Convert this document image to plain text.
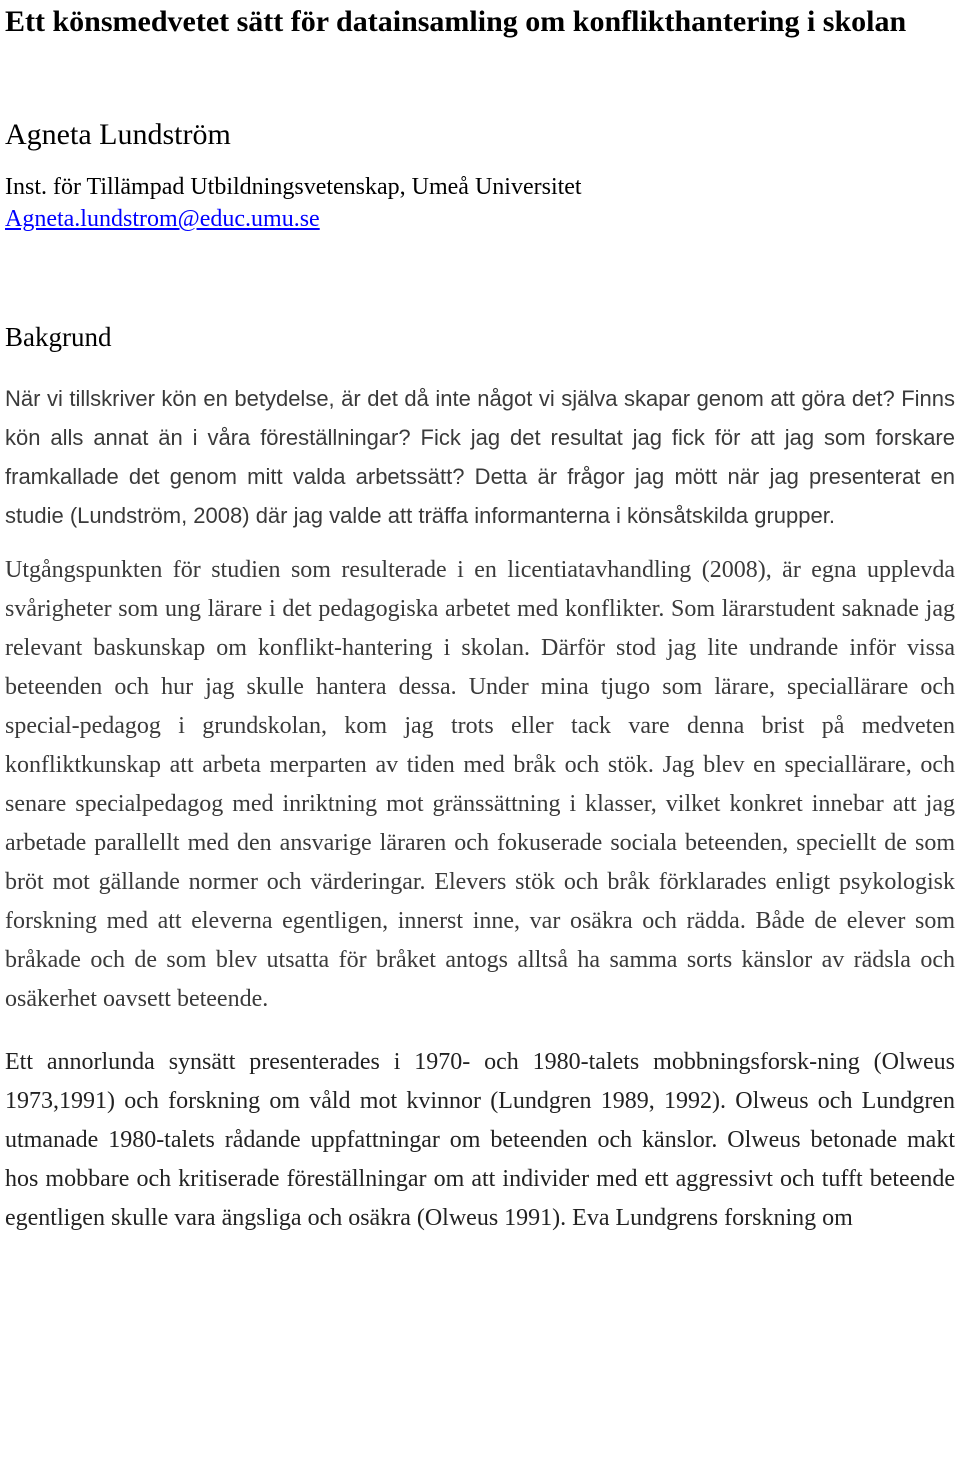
Ett könsmedvetet sätt för datainsamling om konflikthantering i skolan
Agneta Lundström
Inst. för Tillämpad Utbildningsvetenskap, Umeå Universitet
Agneta.lundstrom@educ.umu.se
Bakgrund

När vi tillskriver kön en betydelse, är det då inte något vi själva skapar genom att göra det? Finns kön alls annat än i våra föreställningar? Fick jag det resultat jag fick för att jag som forskare framkallade det genom mitt valda arbetssätt? Detta är frågor jag mött när jag presenterat en studie (Lundström, 2008) där jag valde att träffa informanterna i könsåtskilda grupper.

Utgångspunkten för studien som resulterade i en licentiatavhandling (2008), är egna upplevda svårigheter som ung lärare i det pedagogiska arbetet med konflikter. Som lärarstudent saknade jag relevant baskunskap om konflikt-hantering i skolan. Därför stod jag lite undrande inför vissa beteenden och hur jag skulle hantera dessa. Under mina tjugo som lärare, speciallärare och special-pedagog i grundskolan, kom jag trots eller tack vare denna brist på medveten konfliktkunskap att arbeta merparten av tiden med bråk och stök. Jag blev en speciallärare, och senare specialpedagog med inriktning mot gränssättning i klasser, vilket konkret innebar att jag arbetade parallellt med den ansvarige läraren och fokuserade sociala beteenden, speciellt de som bröt mot gällande normer och värderingar. Elevers stök och bråk förklarades enligt psykologisk forskning med att eleverna egentligen, innerst inne, var osäkra och rädda. Både de elever som bråkade och de som blev utsatta för bråket antogs alltså ha samma sorts känslor av rädsla och osäkerhet oavsett beteende.

Ett annorlunda synsätt presenterades i 1970- och 1980-talets mobbningsforsk-ning (Olweus 1973,1991) och forskning om våld mot kvinnor (Lundgren 1989, 1992). Olweus och Lundgren utmanade 1980-talets rådande uppfattningar om beteenden och känslor. Olweus betonade makt hos mobbare och kritiserade föreställningar om att individer med ett aggressivt och tufft beteende egentligen skulle vara ängsliga och osäkra (Olweus 1991). Eva Lundgrens forskning om
